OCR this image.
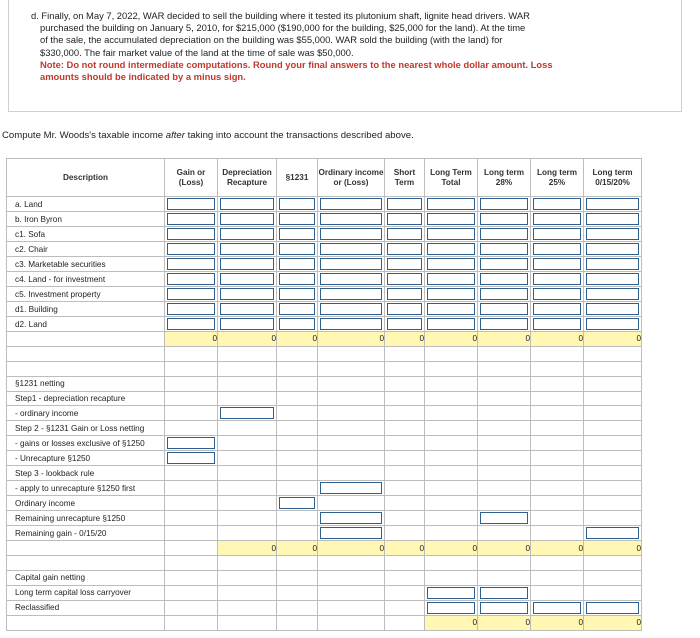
d. Finally, on May 7, 2022, WAR decided to sell the building where it tested its plutonium shaft, lignite head drivers. WAR
purchased the building on January 5, 2010, for $215,000 ($190,000 for the building, $25,000 for the land). At the time
of the sale, the accumulated depreciation on the building was $55,000. WAR sold the building (with the land) for
$330,000. The fair market value of the land at the time of sale was $50,000.
Note: Do not round intermediate computations. Round your final answers to the nearest whole dollar amount. Loss
amounts should be indicated by a minus sign.
Compute Mr. Woods's taxable income after taking into account the transactions described above.
Description	Gain or (Loss)	Depreciation Recapture	§1231	Ordinary income or (Loss)	Short Term	Long Term Total	Long term 28%	Long term 25%	Long term 0/15/20%
a. Land	

b. Iron Byron	

c1. Sofa	

c2. Chair	

c3. Marketable securities	

c4. Land - for investment	

c5. Investment property	

d1. Building	

d2. Land	

	0	0	0	0	0	0	0	0	0

§1231 netting									
Step1 - depreciation recapture									
- ordinary income		

Step 2 - §1231 Gain or Loss netting									
- gains or losses exclusive of §1250	

- Unrecapture §1250	

Step 3 - lookback rule									
- apply to unrecapture §1250 first				

Ordinary income			

Remaining unrecapture §1250				

Remaining gain - 0/15/20				

		0	0	0	0	0	0	0	0

Capital gain netting									
Long term capital loss carryover						

Reclassified						

						0	0	0	0
